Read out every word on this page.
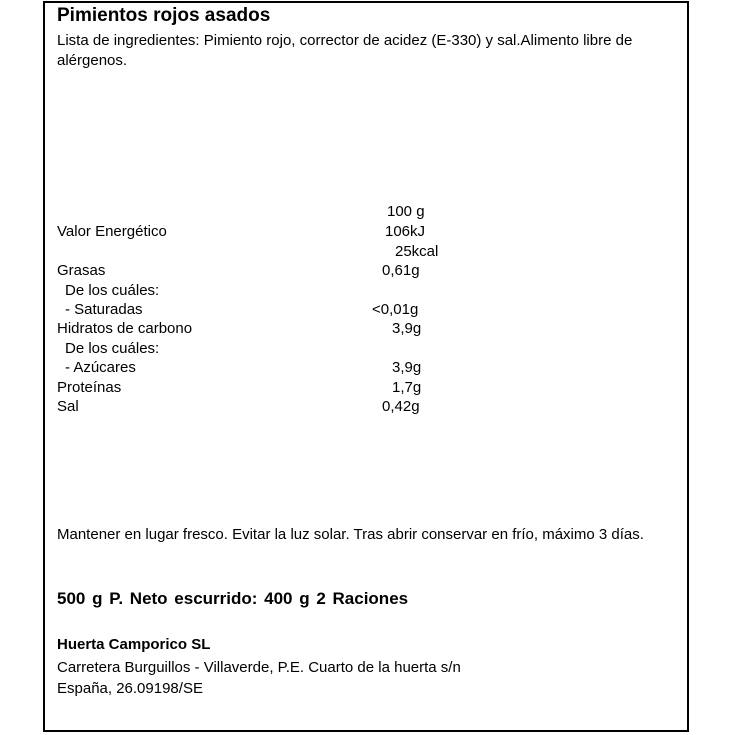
Pimientos rojos asados
Lista de ingredientes: Pimiento rojo, corrector de acidez (E-330) y sal.Alimento libre de alérgenos.
100 g
Valor Energético	106kJ
25kcal
Grasas	0,61g
De los cuáles:
- Saturadas	<0,01g
Hidratos de carbono	3,9g
De los cuáles:
- Azúcares	3,9g
Proteínas	1,7g
Sal	0,42g
Mantener en lugar fresco. Evitar la luz solar. Tras abrir conservar en frío, máximo 3 días.
500 g P. Neto escurrido: 400 g 2 Raciones
Huerta Camporico SL
Carretera Burguillos - Villaverde, P.E. Cuarto de la huerta s/n
España, 26.09198/SE
